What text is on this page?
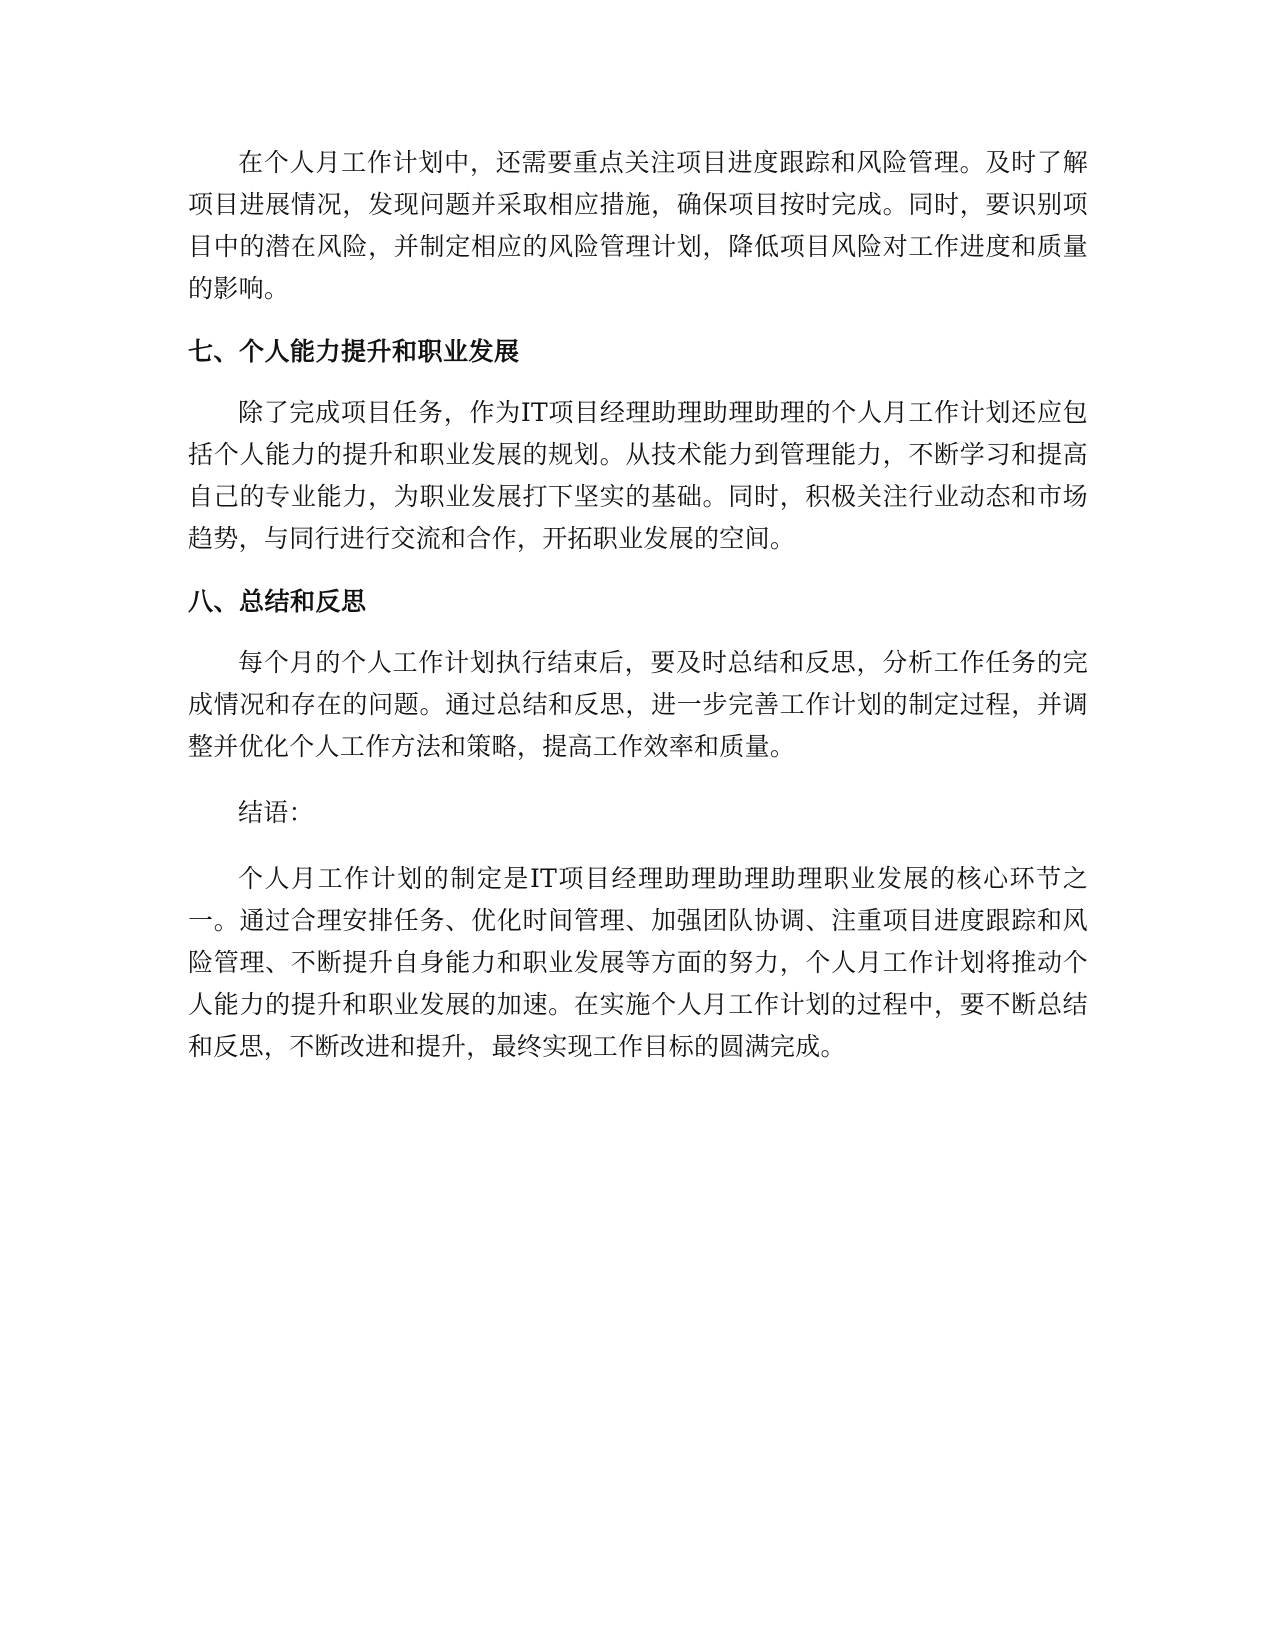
在个人月工作计划中，还需要重点关注项目进度跟踪和风险管理。及时了解项目进展情况，发现问题并采取相应措施，确保项目按时完成。同时，要识别项目中的潜在风险，并制定相应的风险管理计划，降低项目风险对工作进度和质量的影响。

七、个人能力提升和职业发展

除了完成项目任务，作为IT项目经理助理助理助理的个人月工作计划还应包括个人能力的提升和职业发展的规划。从技术能力到管理能力，不断学习和提高自己的专业能力，为职业发展打下坚实的基础。同时，积极关注行业动态和市场趋势，与同行进行交流和合作，开拓职业发展的空间。

八、总结和反思

每个月的个人工作计划执行结束后，要及时总结和反思，分析工作任务的完成情况和存在的问题。通过总结和反思，进一步完善工作计划的制定过程，并调整并优化个人工作方法和策略，提高工作效率和质量。

结语：

个人月工作计划的制定是IT项目经理助理助理助理职业发展的核心环节之一。通过合理安排任务、优化时间管理、加强团队协调、注重项目进度跟踪和风险管理、不断提升自身能力和职业发展等方面的努力，个人月工作计划将推动个人能力的提升和职业发展的加速。在实施个人月工作计划的过程中，要不断总结和反思，不断改进和提升，最终实现工作目标的圆满完成。
